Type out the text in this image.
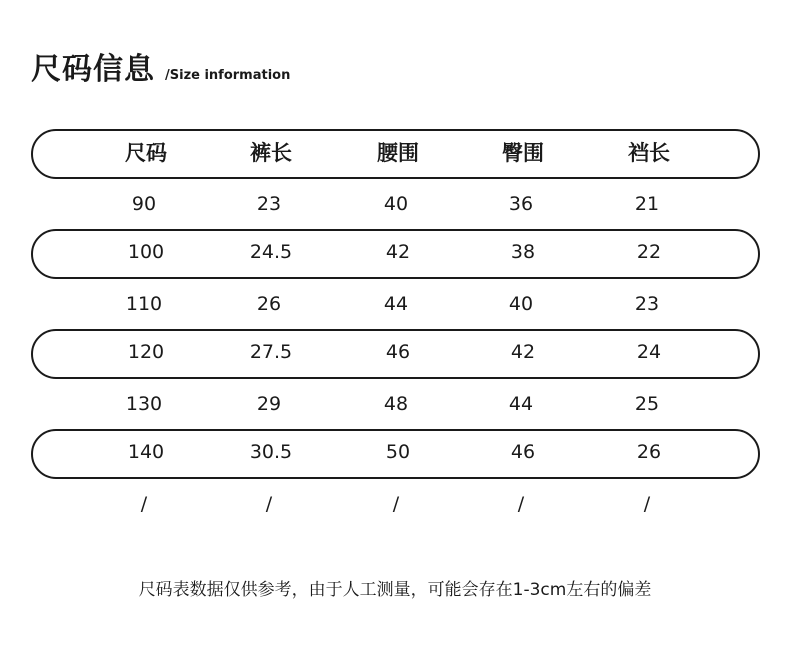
尺码信息 /Size information
尺码	裤长	腰围	臀围	裆长
90	23	40	36	21
100	24.5	42	38	22
110	26	44	40	23
120	27.5	46	42	24
130	29	48	44	25
140	30.5	50	46	26
/	/	/	/	/
尺码表数据仅供参考，由于人工测量，可能会存在1-3cm左右的偏差
